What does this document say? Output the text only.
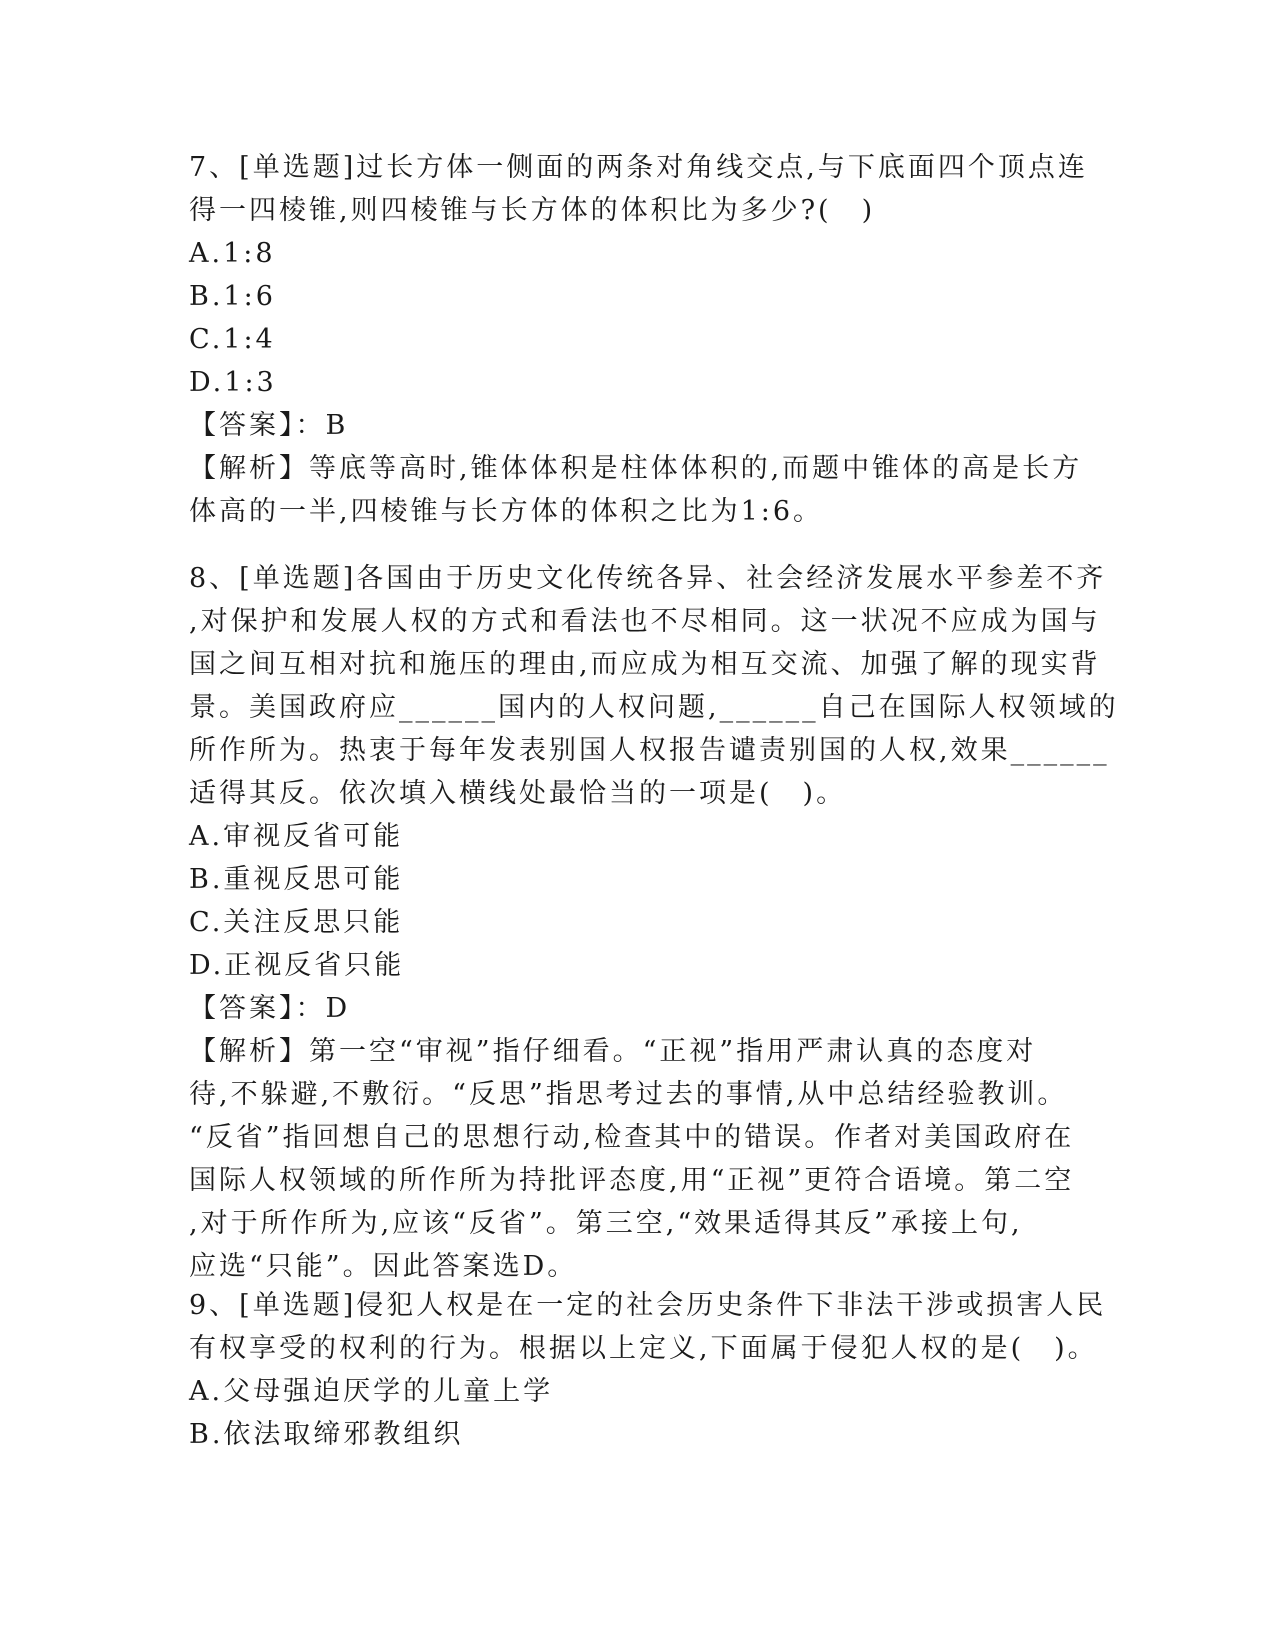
7、[单选题]过长方体一侧面的两条对角线交点,与下底面四个顶点连
得一四棱锥,则四棱锥与长方体的体积比为多少?(　)
A.1:8
B.1:6
C.1:4
D.1:3
【答案】：B
【解析】等底等高时,锥体体积是柱体体积的,而题中锥体的高是长方
体高的一半,四棱锥与长方体的体积之比为1:6。
8、[单选题]各国由于历史文化传统各异、社会经济发展水平参差不齐
,对保护和发展人权的方式和看法也不尽相同。这一状况不应成为国与
国之间互相对抗和施压的理由,而应成为相互交流、加强了解的现实背
景。美国政府应______国内的人权问题,______自己在国际人权领域的
所作所为。热衷于每年发表别国人权报告谴责别国的人权,效果______
适得其反。依次填入横线处最恰当的一项是(　)。
A.审视反省可能
B.重视反思可能
C.关注反思只能
D.正视反省只能
【答案】：D
【解析】第一空“审视”指仔细看。“正视”指用严肃认真的态度对
待,不躲避,不敷衍。“反思”指思考过去的事情,从中总结经验教训。
“反省”指回想自己的思想行动,检查其中的错误。作者对美国政府在
国际人权领域的所作所为持批评态度,用“正视”更符合语境。第二空
,对于所作所为,应该“反省”。第三空,“效果适得其反”承接上句,
应选“只能”。因此答案选D。
9、[单选题]侵犯人权是在一定的社会历史条件下非法干涉或损害人民
有权享受的权利的行为。根据以上定义,下面属于侵犯人权的是(　)。
A.父母强迫厌学的儿童上学
B.依法取缔邪教组织
